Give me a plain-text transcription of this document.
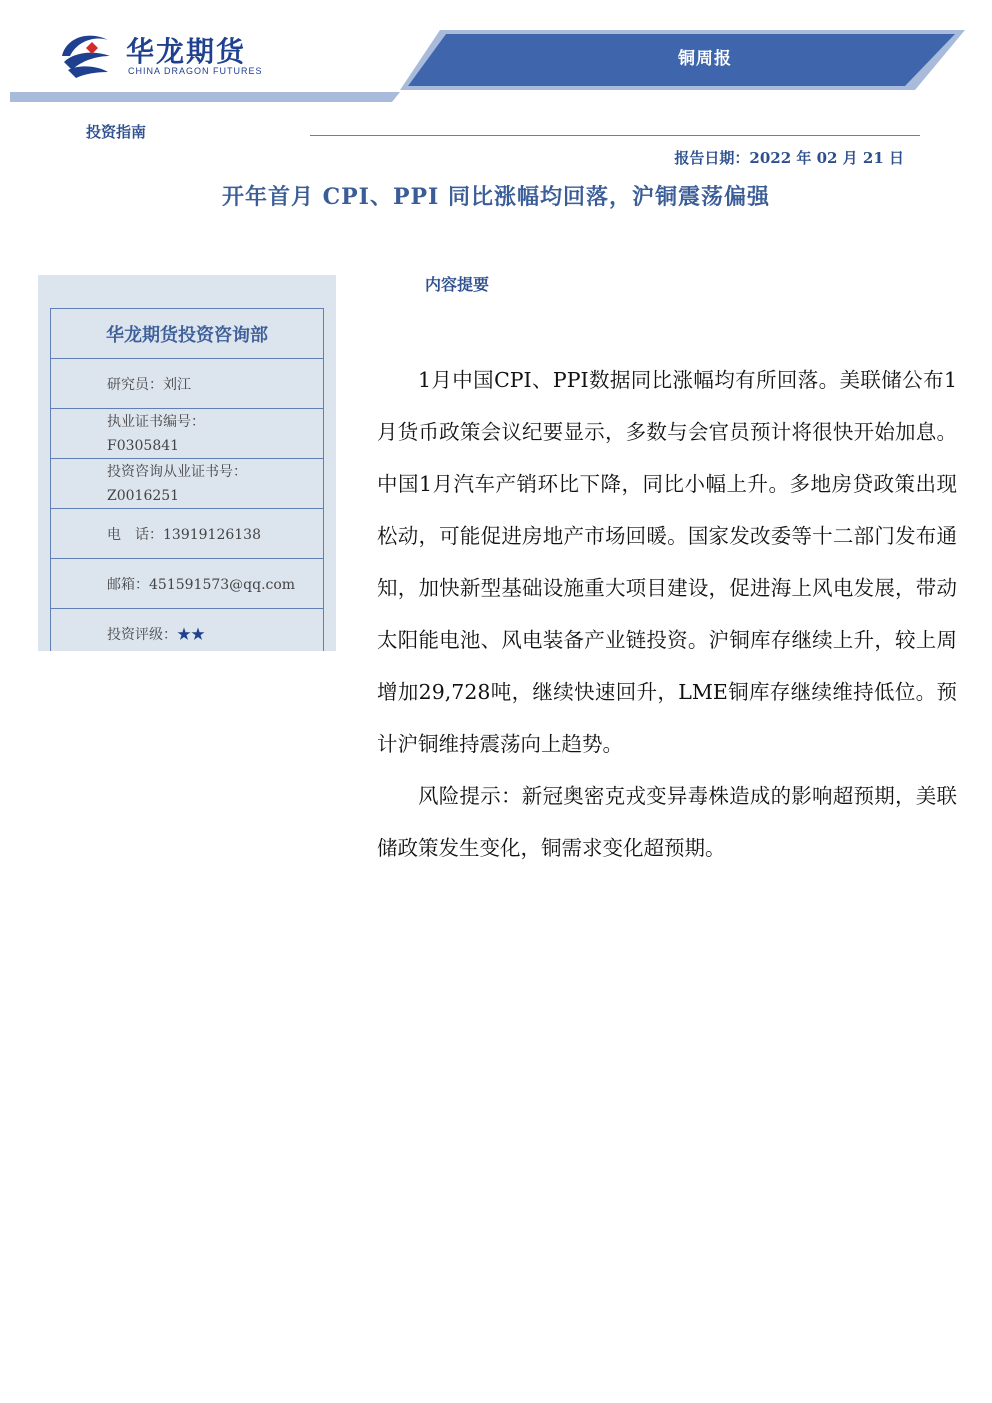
华龙期货
CHINA DRAGON FUTURES
铜周报
投资指南
报告日期：2022 年 02 月 21 日
开年首月 CPI、PPI 同比涨幅均回落，沪铜震荡偏强
华龙期货投资咨询部
研究员：刘江

执业证书编号：
F0305841

投资咨询从业证书号：
Z0016251

电　话：13919126138
邮箱：451591573@qq.com
投资评级：★★
内容提要

1月中国CPI、PPI数据同比涨幅均有所回落。美联储公布1月货币政策会议纪要显示，多数与会官员预计将很快开始加息。中国1月汽车产销环比下降，同比小幅上升。多地房贷政策出现松动，可能促进房地产市场回暖。国家发改委等十二部门发布通知，加快新型基础设施重大项目建设，促进海上风电发展，带动太阳能电池、风电装备产业链投资。沪铜库存继续上升，较上周增加29,728吨，继续快速回升，LME铜库存继续维持低位。预计沪铜维持震荡向上趋势。

风险提示：新冠奥密克戎变异毒株造成的影响超预期，美联储政策发生变化，铜需求变化超预期。
